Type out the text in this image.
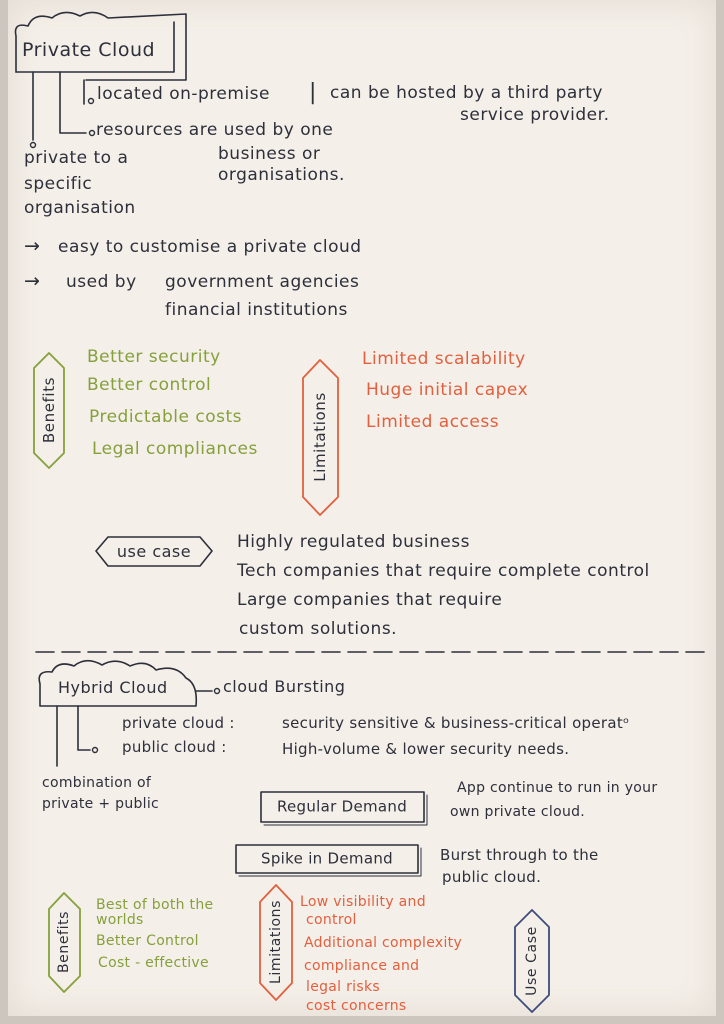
Private Cloud
located on-premise | can be hosted by a third party
service provider.
resources are used by one
business or
organisations.
private to a
specific
organisation
→ easy to customise a private cloud
→ used by government agencies
financial institutions
Benefits
Better security
Better control
Predictable costs
Legal compliances	Limitations
Limited scalability
Huge initial capex
Limited access
use case	Highly regulated business
Tech companies that require complete control
Large companies that require
custom solutions.
Hybrid Cloud	cloud Bursting
private cloud :	security sensitive & business-critical operatᵒ
public cloud :	High-volume & lower security needs.
combination of
private + public	Regular Demand
App continue to run in your
own private cloud.
Spike in Demand	Burst through to the
public cloud.
Benefits
Best of both the
worlds
Better Control
Cost - effective	Limitations Low visibility and
control
Additional complexity
compliance and
legal risks
cost concerns
Use Case
